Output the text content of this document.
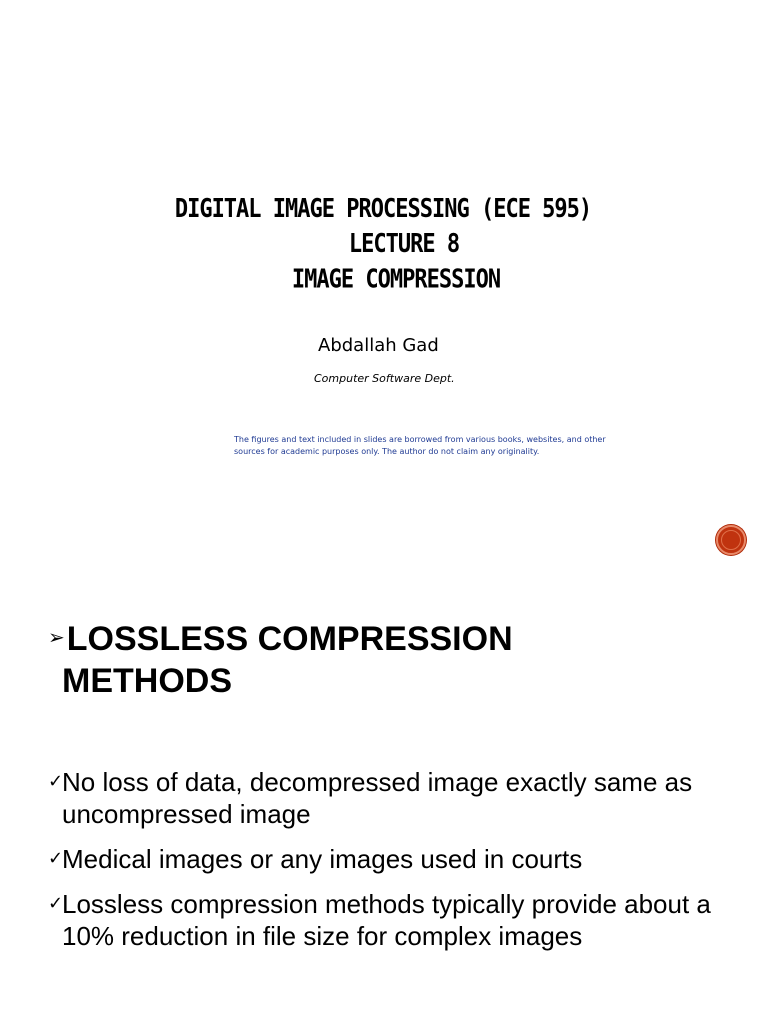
DIGITAL IMAGE PROCESSING (ECE 595)
LECTURE 8
IMAGE COMPRESSION
Abdallah Gad
Computer Software Dept.
The figures and text included in slides are borrowed from various books, websites, and other sources for academic purposes only. The author do not claim any originality.
➢LOSSLESS COMPRESSION
METHODS
✓
No loss of data, decompressed image exactly same as uncompressed image
✓
Medical images or any images used in courts
✓
Lossless compression methods typically provide about a 10% reduction in file size for complex images
